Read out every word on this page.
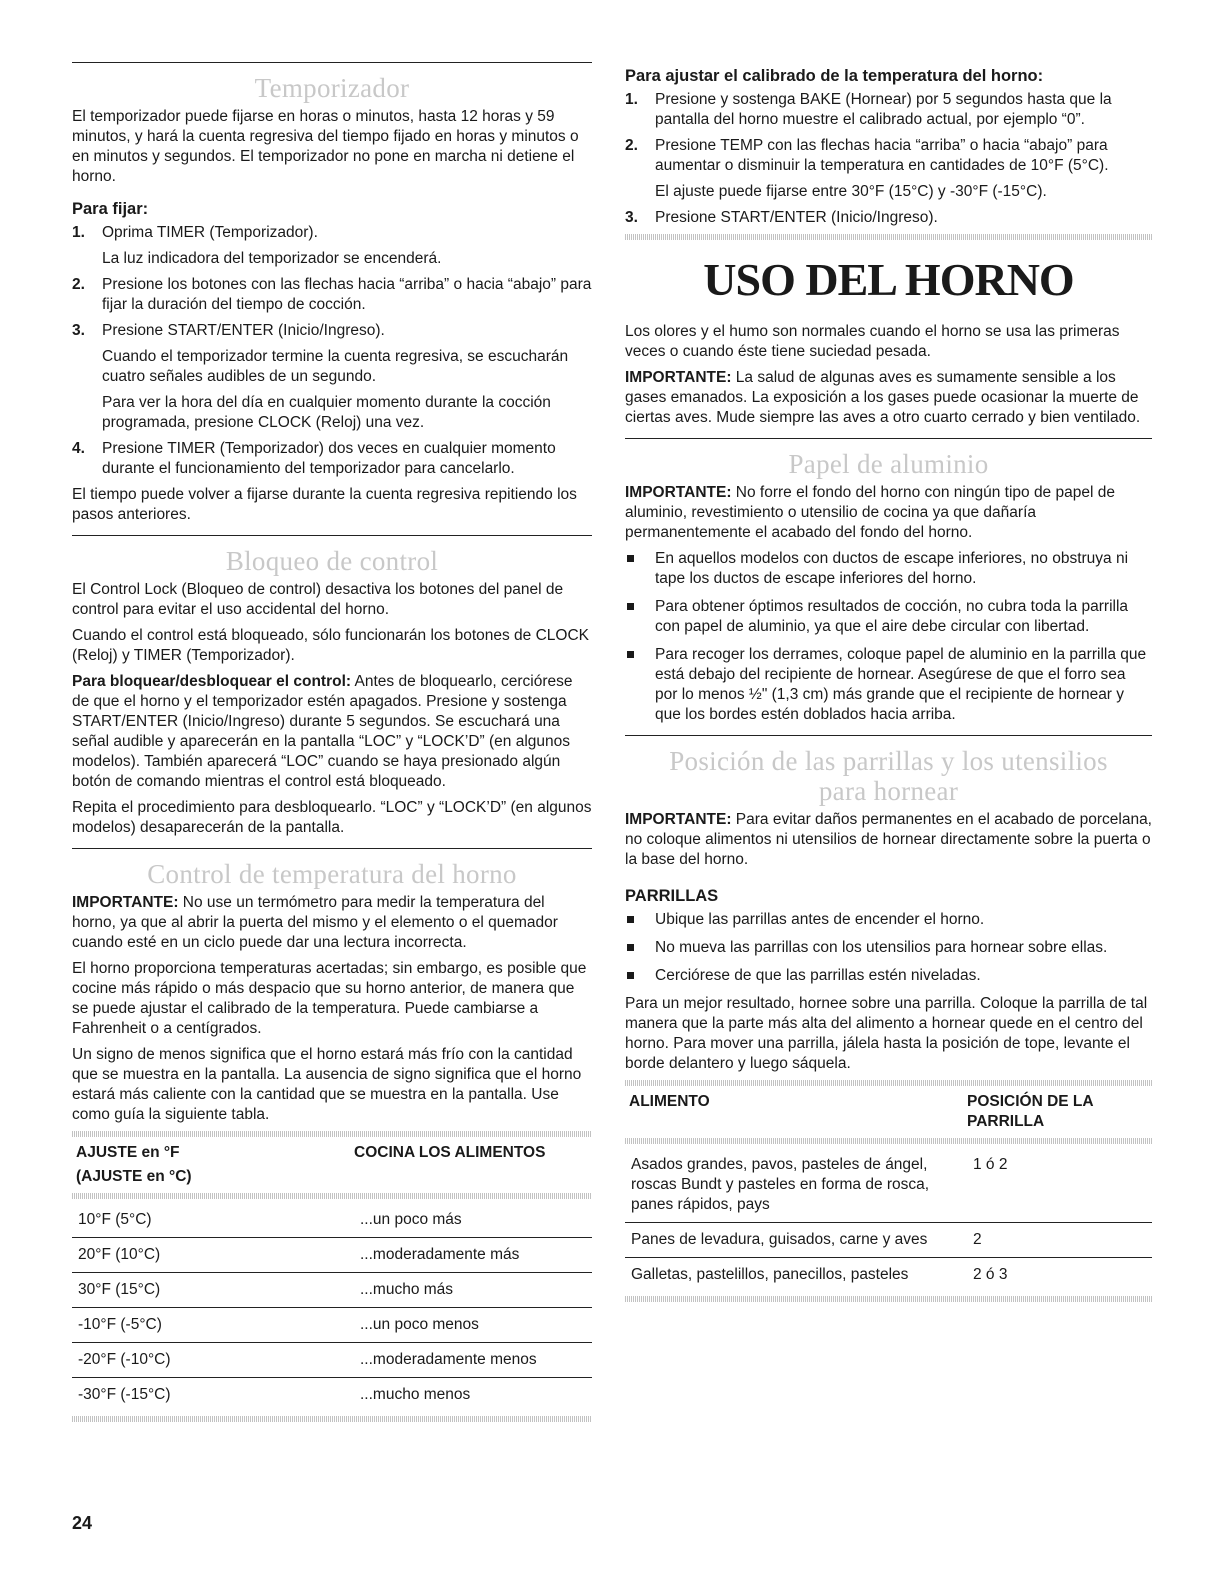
Temporizador

El temporizador puede fijarse en horas o minutos, hasta 12 horas y 59 minutos, y hará la cuenta regresiva del tiempo fijado en horas y minutos o en minutos y segundos. El temporizador no pone en marcha ni detiene el horno.

Para fijar:
1. Oprima TIMER (Temporizador).

La luz indicadora del temporizador se encenderá.

2. Presione los botones con las flechas hacia “arriba” o hacia “abajo” para fijar la duración del tiempo de cocción.

3. Presione START/ENTER (Inicio/Ingreso).

Cuando el temporizador termine la cuenta regresiva, se escucharán cuatro señales audibles de un segundo.

Para ver la hora del día en cualquier momento durante la cocción programada, presione CLOCK (Reloj) una vez.

4. Presione TIMER (Temporizador) dos veces en cualquier momento durante el funcionamiento del temporizador para cancelarlo.

El tiempo puede volver a fijarse durante la cuenta regresiva repitiendo los pasos anteriores.

Bloqueo de control

El Control Lock (Bloqueo de control) desactiva los botones del panel de control para evitar el uso accidental del horno.

Cuando el control está bloqueado, sólo funcionarán los botones de CLOCK (Reloj) y TIMER (Temporizador).

Para bloquear/desbloquear el control: Antes de bloquearlo, cerciórese de que el horno y el temporizador estén apagados. Presione y sostenga START/ENTER (Inicio/Ingreso) durante 5 segundos. Se escuchará una señal audible y aparecerán en la pantalla “LOC” y “LOCK’D” (en algunos modelos). También aparecerá “LOC” cuando se haya presionado algún botón de comando mientras el control está bloqueado.

Repita el procedimiento para desbloquearlo. “LOC” y “LOCK’D” (en algunos modelos) desaparecerán de la pantalla.

Control de temperatura del horno

IMPORTANTE: No use un termómetro para medir la temperatura del horno, ya que al abrir la puerta del mismo y el elemento o el quemador cuando esté en un ciclo puede dar una lectura incorrecta.

El horno proporciona temperaturas acertadas; sin embargo, es posible que cocine más rápido o más despacio que su horno anterior, de manera que se puede ajustar el calibrado de la temperatura. Puede cambiarse a Fahrenheit o a centígrados.

Un signo de menos significa que el horno estará más frío con la cantidad que se muestra en la pantalla. La ausencia de signo significa que el horno estará más caliente con la cantidad que se muestra en la pantalla. Use como guía la siguiente tabla.

AJUSTE en °F
(AJUSTE en °C)
	COCINA LOS ALIMENTOS
10°F (5°C)	...un poco más
20°F (10°C)	...moderadamente más
30°F (15°C)	...mucho más
-10°F (-5°C)	...un poco menos
-20°F (-10°C)	...moderadamente menos
-30°F (-15°C)	...mucho menos
Para ajustar el calibrado de la temperatura del horno:
1. Presione y sostenga BAKE (Hornear) por 5 segundos hasta que la pantalla del horno muestre el calibrado actual, por ejemplo “0”.

2. Presione TEMP con las flechas hacia “arriba” o hacia “abajo” para aumentar o disminuir la temperatura en cantidades de 10°F (5°C).

El ajuste puede fijarse entre 30°F (15°C) y -30°F (-15°C).

3. Presione START/ENTER (Inicio/Ingreso).

USO DEL HORNO

Los olores y el humo son normales cuando el horno se usa las primeras veces o cuando éste tiene suciedad pesada.

IMPORTANTE: La salud de algunas aves es sumamente sensible a los gases emanados. La exposición a los gases puede ocasionar la muerte de ciertas aves. Mude siempre las aves a otro cuarto cerrado y bien ventilado.

Papel de aluminio

IMPORTANTE: No forre el fondo del horno con ningún tipo de papel de aluminio, revestimiento o utensilio de cocina ya que dañaría permanentemente el acabado del fondo del horno.

En aquellos modelos con ductos de escape inferiores, no obstruya ni tape los ductos de escape inferiores del horno.
Para obtener óptimos resultados de cocción, no cubra toda la parrilla con papel de aluminio, ya que el aire debe circular con libertad.
Para recoger los derrames, coloque papel de aluminio en la parrilla que está debajo del recipiente de hornear. Asegúrese de que el forro sea por lo menos ½" (1,3 cm) más grande que el recipiente de hornear y que los bordes estén doblados hacia arriba.
Posición de las parrillas y los utensilios para hornear

IMPORTANTE: Para evitar daños permanentes en el acabado de porcelana, no coloque alimentos ni utensilios de hornear directamente sobre la puerta o la base del horno.

PARRILLAS
Ubique las parrillas antes de encender el horno.
No mueva las parrillas con los utensilios para hornear sobre ellas.
Cerciórese de que las parrillas estén niveladas.

Para un mejor resultado, hornee sobre una parrilla. Coloque la parrilla de tal manera que la parte más alta del alimento a hornear quede en el centro del horno. Para mover una parrilla, jálela hasta la posición de tope, levante el borde delantero y luego sáquela.

ALIMENTO	POSICIÓN DE LA PARRILLA
Asados grandes, pavos, pasteles de ángel, roscas Bundt y pasteles en forma de rosca, panes rápidos, pays	1 ó 2
Panes de levadura, guisados, carne y aves	2
Galletas, pastelillos, panecillos, pasteles	2 ó 3
24
